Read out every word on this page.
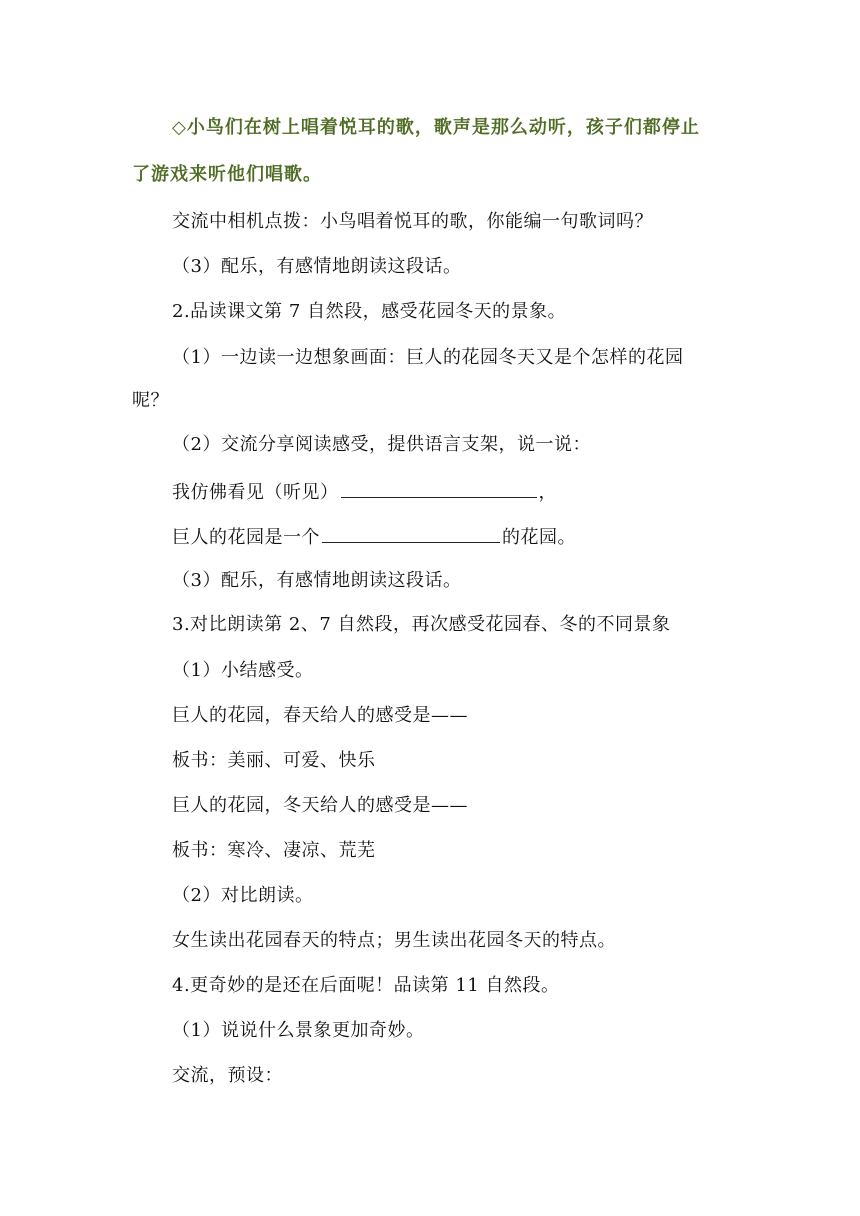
◇小鸟们在树上唱着悦耳的歌，歌声是那么动听，孩子们都停止
了游戏来听他们唱歌。
交流中相机点拨：小鸟唱着悦耳的歌，你能编一句歌词吗？
（3）配乐，有感情地朗读这段话。
2.品读课文第 7 自然段，感受花园冬天的景象。
（1）一边读一边想象画面：巨人的花园冬天又是个怎样的花园
呢？
（2）交流分享阅读感受，提供语言支架，说一说：
我仿佛看见（听见）	，
巨人的花园是一个	的花园。
（3）配乐，有感情地朗读这段话。
3.对比朗读第 2、7 自然段，再次感受花园春、冬的不同景象
（1）小结感受。
巨人的花园，春天给人的感受是——
板书：美丽、可爱、快乐
巨人的花园，冬天给人的感受是——
板书：寒冷、凄凉、荒芜
（2）对比朗读。
女生读出花园春天的特点；男生读出花园冬天的特点。
4.更奇妙的是还在后面呢！品读第 11 自然段。
（1）说说什么景象更加奇妙。
交流，预设：
